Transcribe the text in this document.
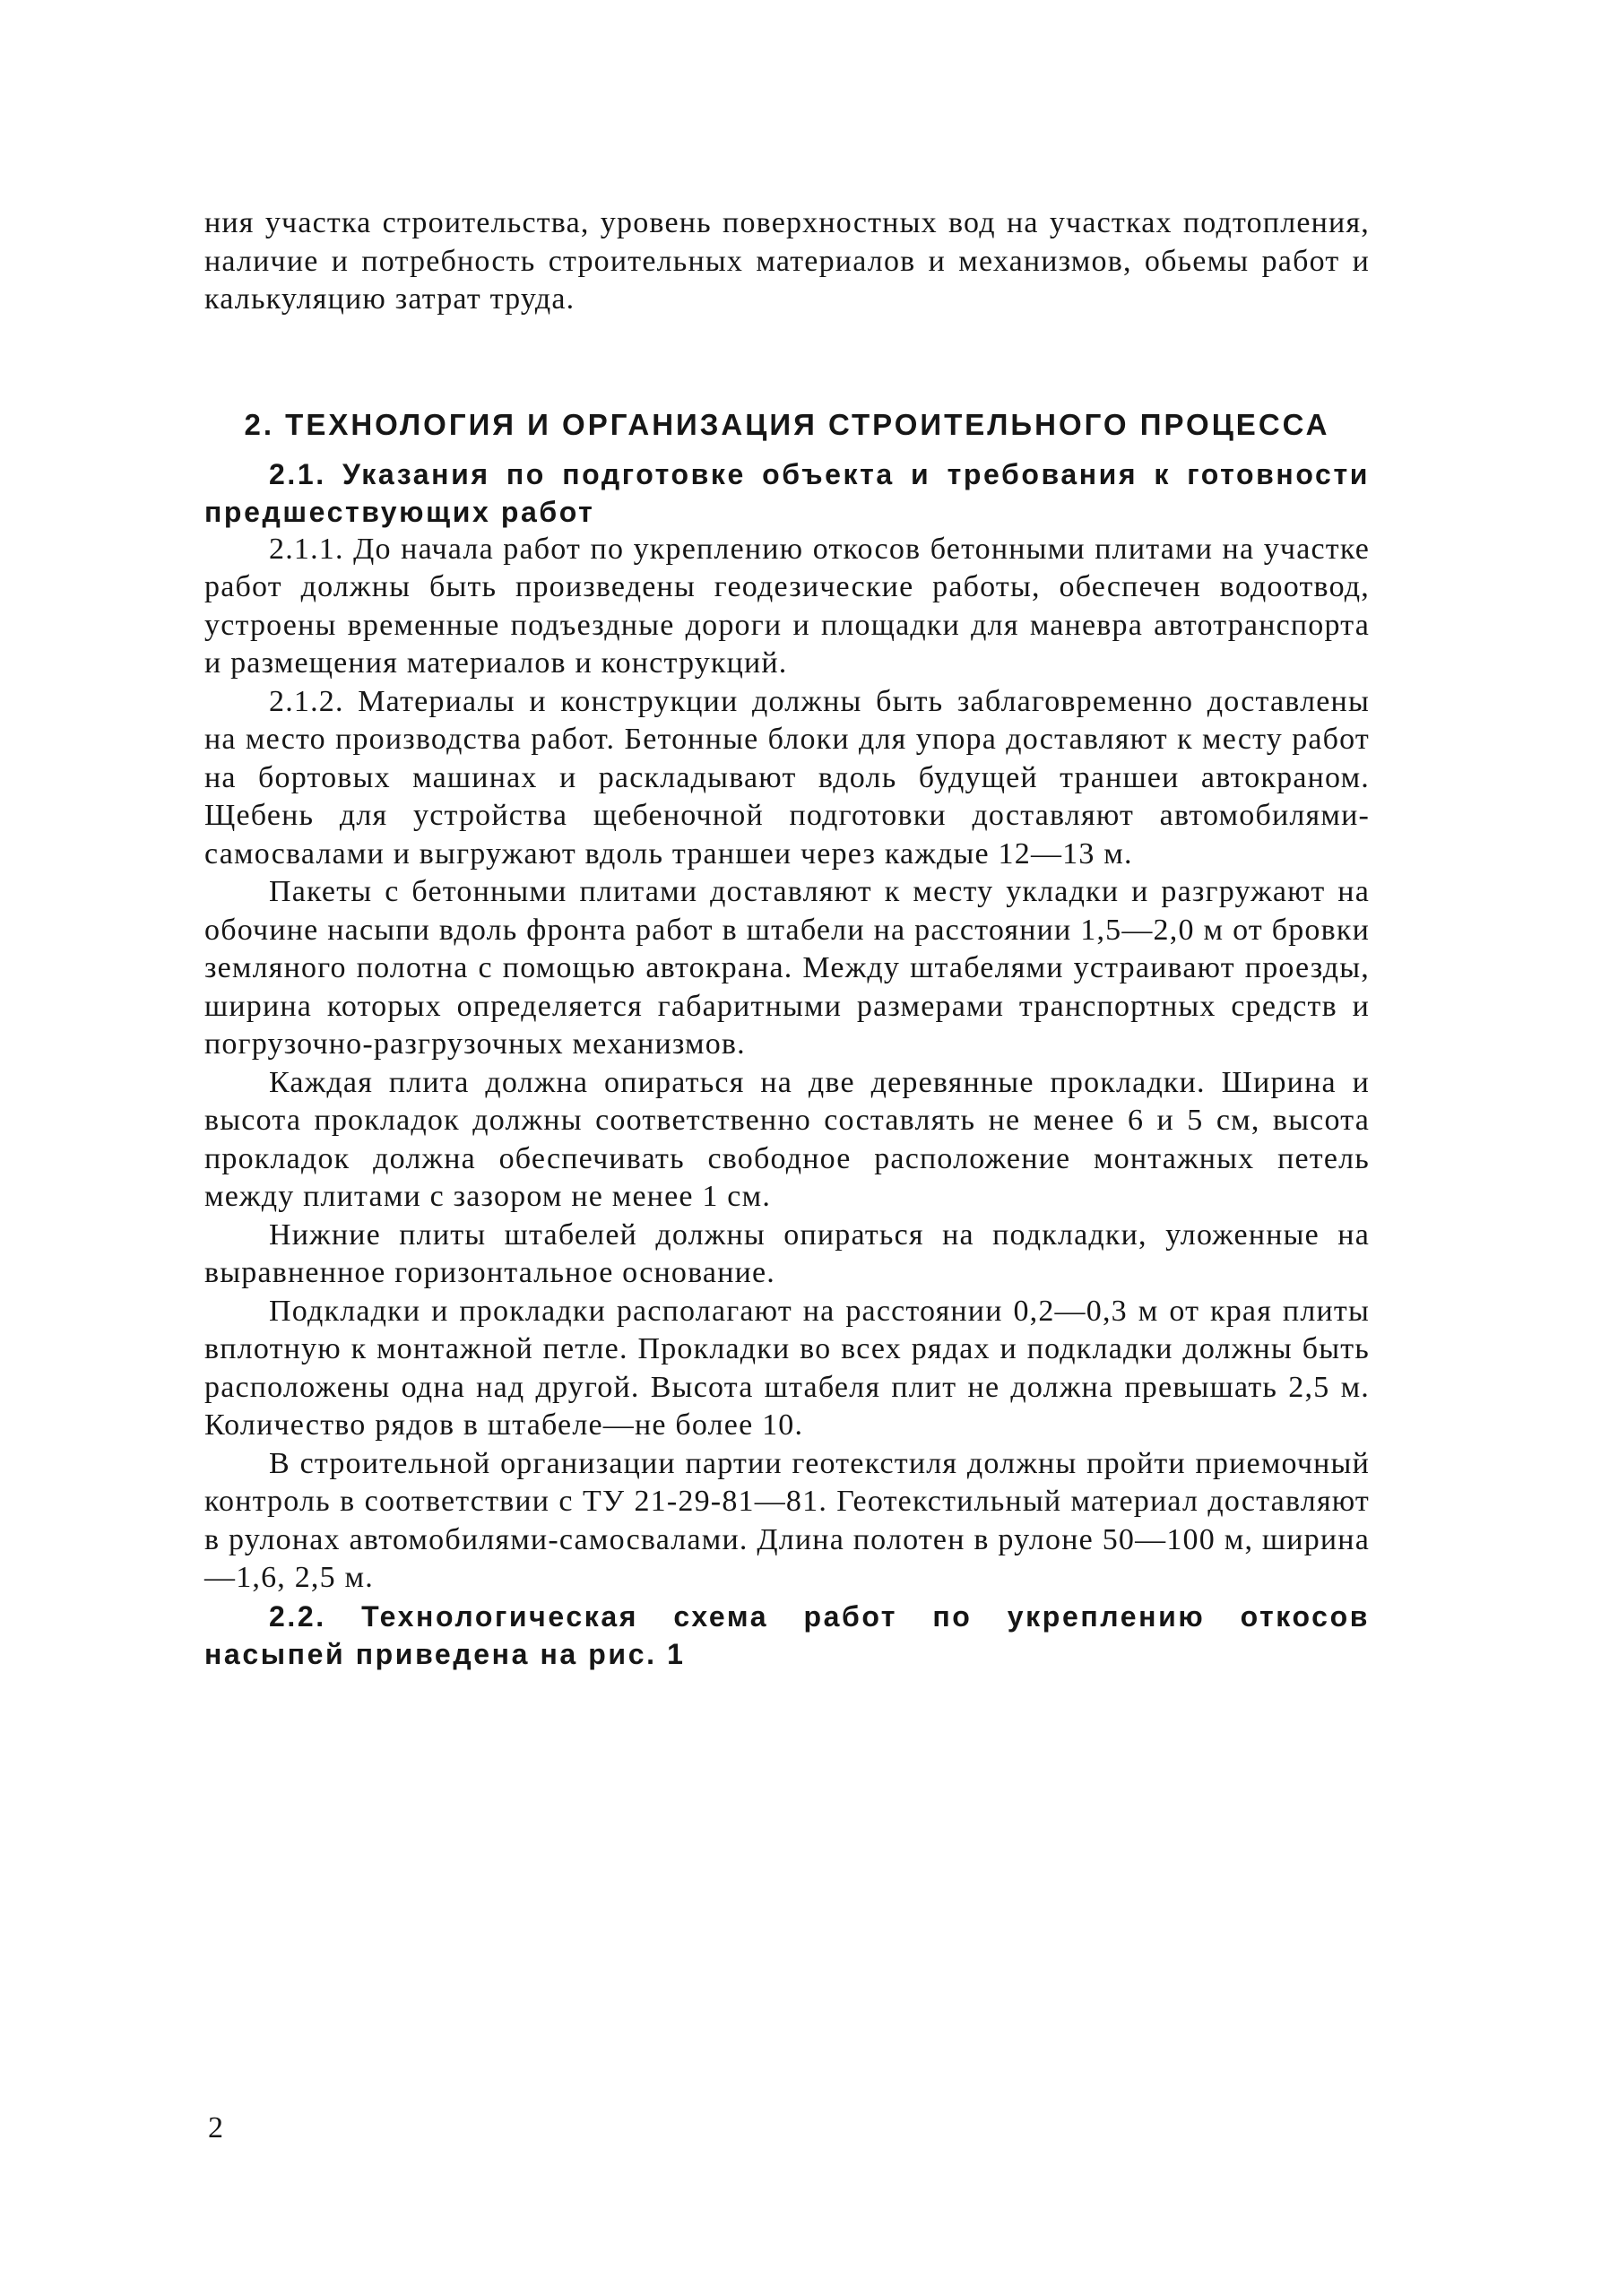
ния участка строительства, уровень поверхностных вод на участках подтопления, наличие и потребность строительных материалов и механизмов, обьемы работ и калькуляцию затрат труда.

2. ТЕХНОЛОГИЯ И ОРГАНИЗАЦИЯ СТРОИТЕЛЬНОГО ПРОЦЕССА

2.1. Указания по подготовке объекта и требования к готовности предшествующих работ

2.1.1. До начала работ по укреплению откосов бетонными плитами на участке работ должны быть произведены геодезические работы, обеспечен водоотвод, устроены временные подъездные дороги и площадки для маневра автотранспорта и размещения материалов и конструкций.

2.1.2. Материалы и конструкции должны быть заблаговременно доставлены на место производства работ. Бетонные блоки для упора доставляют к месту работ на бортовых машинах и раскладывают вдоль будущей траншеи автокраном. Щебень для устройства щебеночной подготовки доставляют автомобилями-самосвалами и выгружают вдоль траншеи через каждые 12—13 м.

Пакеты с бетонными плитами доставляют к месту укладки и разгружают на обочине насыпи вдоль фронта работ в штабели на расстоянии 1,5—2,0 м от бровки земляного полотна с помощью автокрана. Между штабелями устраивают проезды, ширина которых определяется габаритными размерами транспортных средств и погрузочно-разгрузочных механизмов.

Каждая плита должна опираться на две деревянные прокладки. Ширина и высота прокладок должны соответственно составлять не менее 6 и 5 см, высота прокладок должна обеспечивать свободное расположение монтажных петель между плитами с зазором не менее 1 см.

Нижние плиты штабелей должны опираться на подкладки, уложенные на выравненное горизонтальное основание.

Подкладки и прокладки располагают на расстоянии 0,2—0,3 м от края плиты вплотную к монтажной петле. Прокладки во всех рядах и подкладки должны быть расположены одна над другой. Высота штабеля плит не должна превышать 2,5 м. Количество рядов в штабеле—не более 10.

В строительной организации партии геотекстиля должны пройти приемочный контроль в соответствии с ТУ 21-29-81—81. Геотекстильный материал доставляют в рулонах автомобилями-самосвалами. Длина полотен в рулоне 50—100 м, ширина—1,6, 2,5 м.

2.2. Технологическая схема работ по укреплению откосов насыпей приведена на рис. 1

2
